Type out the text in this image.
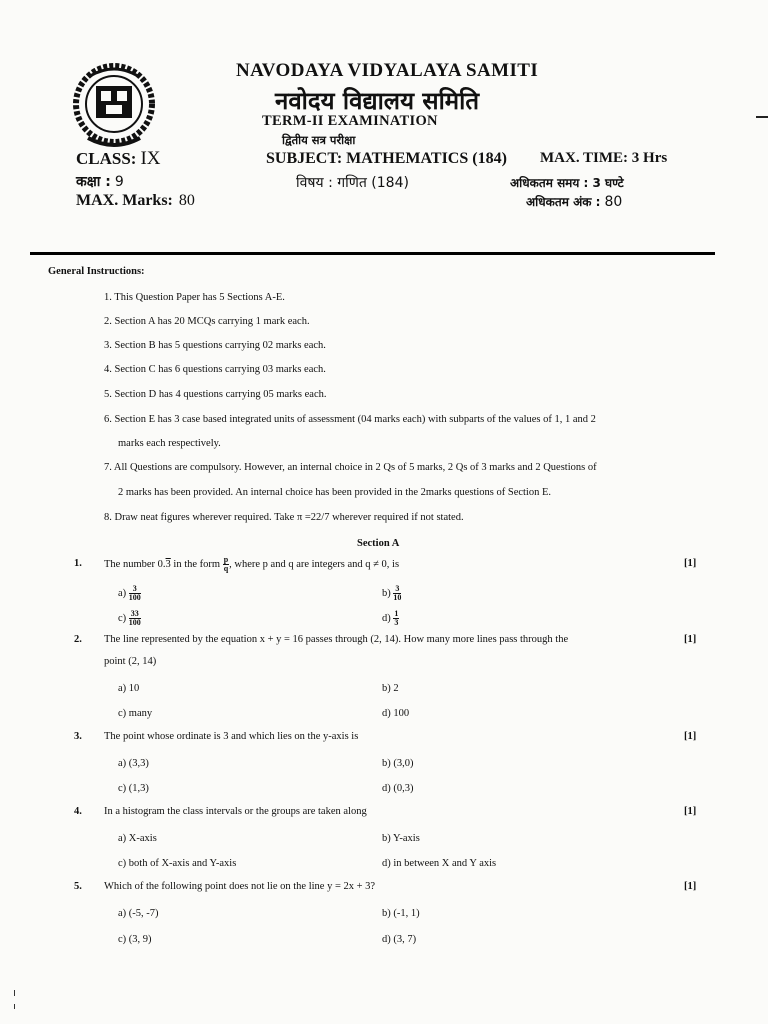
NAVODAYA VIDYALAYA SAMITI
नवोदय विद्यालय समिति
TERM-II EXAMINATION
द्वितीय सत्र परीक्षा
CLASS: IX
कक्षा : 9
MAX. Marks: 80
SUBJECT: MATHEMATICS (184)
विषय : गणित (184)
MAX. TIME: 3 Hrs
अधिकतम समय : 3 घण्टे
अधिकतम अंक : 80
General Instructions:
1. This Question Paper has 5 Sections A-E.
2. Section A has 20 MCQs carrying 1 mark each.
3. Section B has 5 questions carrying 02 marks each.
4. Section C has 6 questions carrying 03 marks each.
5. Section D has 4 questions carrying 05 marks each.
6. Section E has 3 case based integrated units of assessment (04 marks each) with subparts of the values of 1, 1 and 2
marks each respectively.
7. All Questions are compulsory. However, an internal choice in 2 Qs of 5 marks, 2 Qs of 3 marks and 2 Questions of
2 marks has been provided. An internal choice has been provided in the 2marks questions of Section E.
8. Draw neat figures wherever required. Take π =22/7 wherever required if not stated.
Section A
1. The number 0.3 in the form $\frac{p}{q}$ , where p and q are integers and q ≠ 0, is	[1]
$a) \frac{3}{100}$	$b) \frac{3}{10}$
$c) \frac{33}{100}$	$d) \frac{1}{3}$
2. The line represented by the equation x + y = 16 passes through (2, 14). How many more lines pass through the
point (2, 14)
[1]
a) 10	b) 2
c) many	d) 100
3. The point whose ordinate is 3 and which lies on the y-axis is	[1]
a) (3,3)	b) (3,0)
c) (1,3)	d) (0,3)
4. In a histogram the class intervals or the groups are taken along	[1]
a) X-axis	b) Y-axis
c) both of X-axis and Y-axis	d) in between X and Y axis
5. Which of the following point does not lie on the line y = 2x + 3?	[1]
a) (-5, -7)	b) (-1, 1)
c) (3, 9)	d) (3, 7)
